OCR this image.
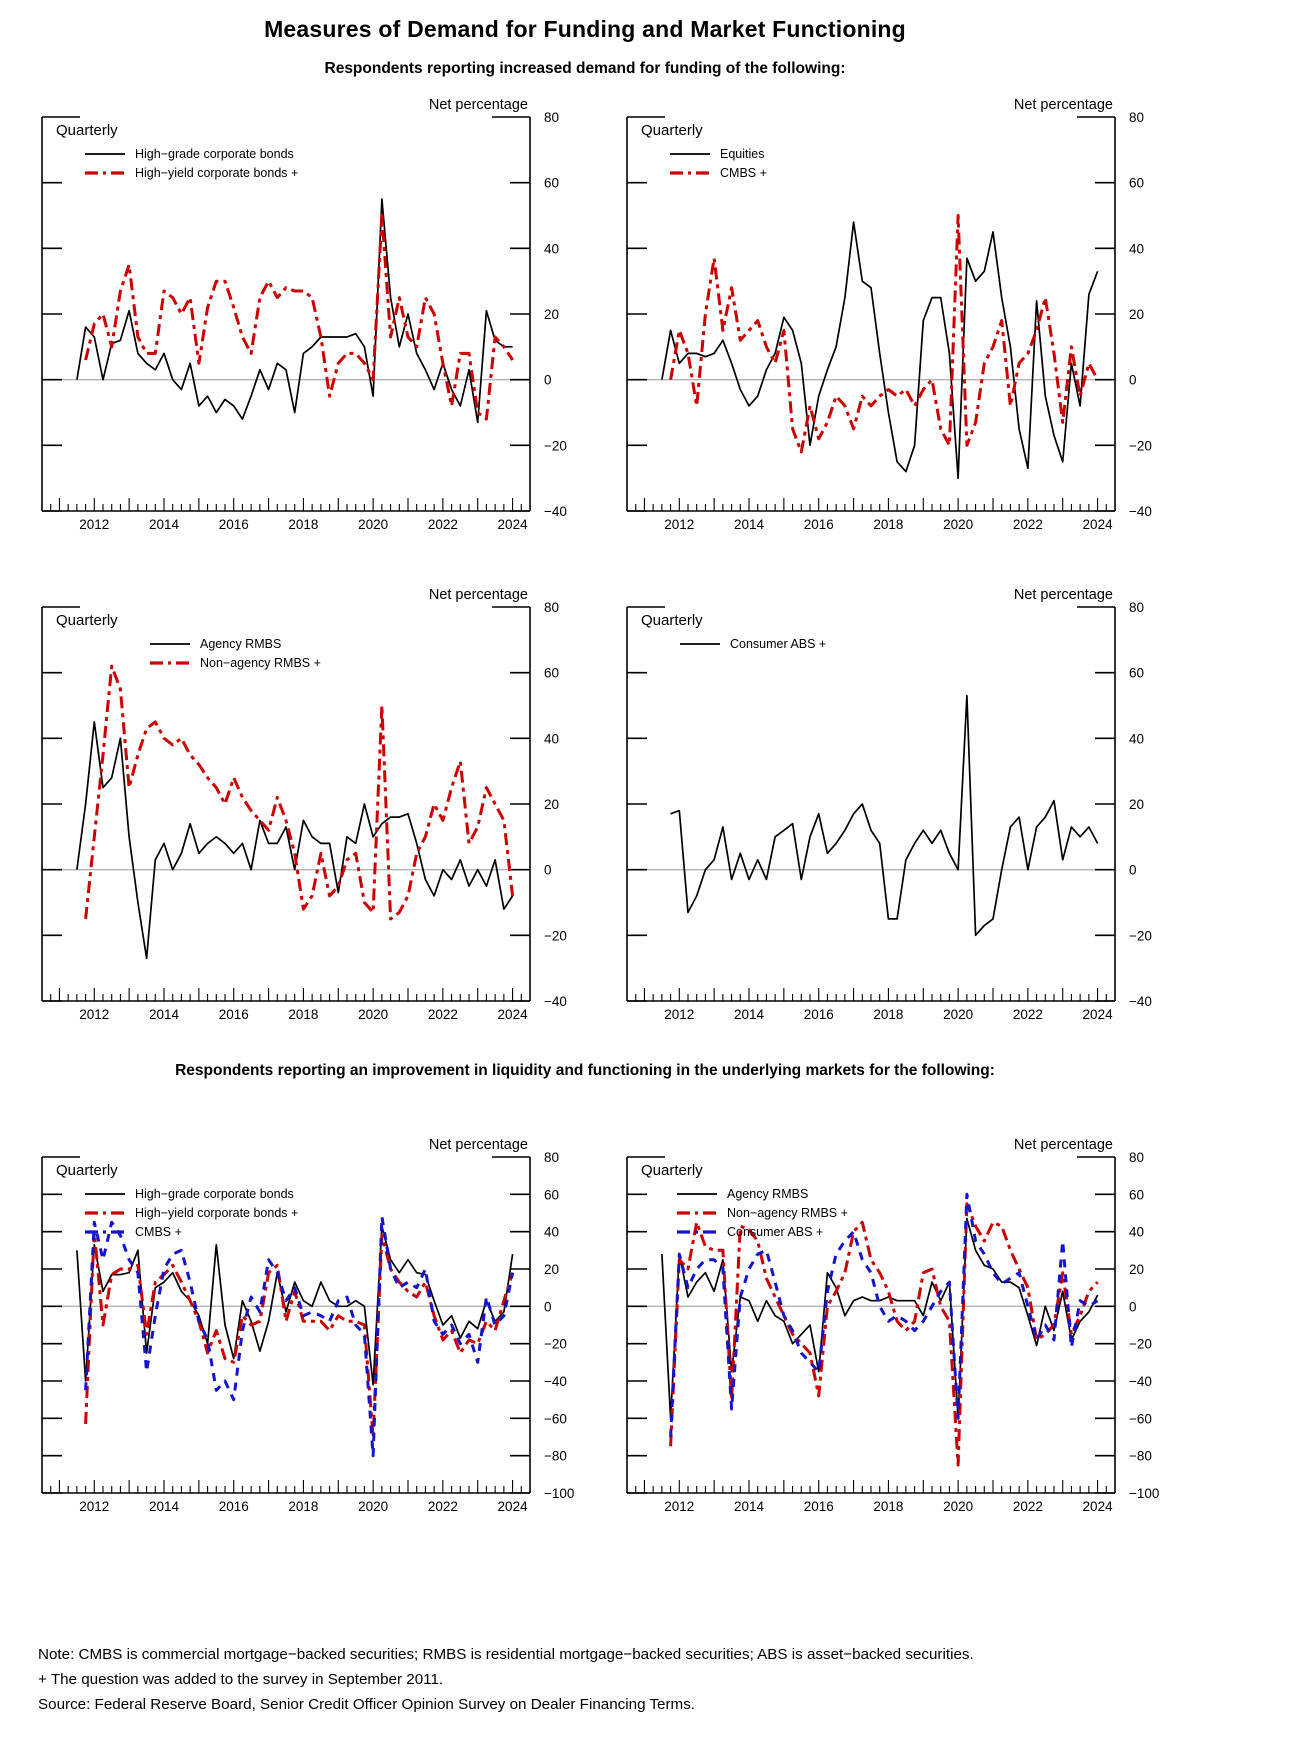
Measures of Demand for Funding and Market Functioning
Respondents reporting increased demand for funding of the following:
80
60
40
20
0
−20
−40
Net percentage
2012	2014	2016	2018	2020	2022	2024
Quarterly
High−grade corporate bonds
High−yield corporate bonds +
80
60
40
20
0
−20
−40
Net percentage
2012	2014	2016	2018	2020	2022	2024
Quarterly
Equities
CMBS +
80
60
40
20
0
−20
−40
Net percentage
2012	2014	2016	2018	2020	2022	2024
Quarterly
Agency RMBS
Non−agency RMBS +
80
60
40
20
0
−20
−40
Net percentage
2012	2014	2016	2018	2020	2022	2024
Quarterly
Consumer ABS +
Respondents reporting an improvement in liquidity and functioning in the underlying markets for the following:
80
60
40
20
0
−20
−40
−60
−80
−100
Net percentage
2012	2014	2016	2018	2020	2022	2024
Quarterly
High−grade corporate bonds
High−yield corporate bonds +
CMBS +
80
60
40
20
0
−20
−40
−60
−80
−100
Net percentage
2012	2014	2016	2018	2020	2022	2024
Quarterly
Agency RMBS
Non−agency RMBS +
Consumer ABS +
Note: CMBS is commercial mortgage−backed securities; RMBS is residential mortgage−backed securities; ABS is asset−backed securities.
+ The question was added to the survey in September 2011.
Source: Federal Reserve Board, Senior Credit Officer Opinion Survey on Dealer Financing Terms.
